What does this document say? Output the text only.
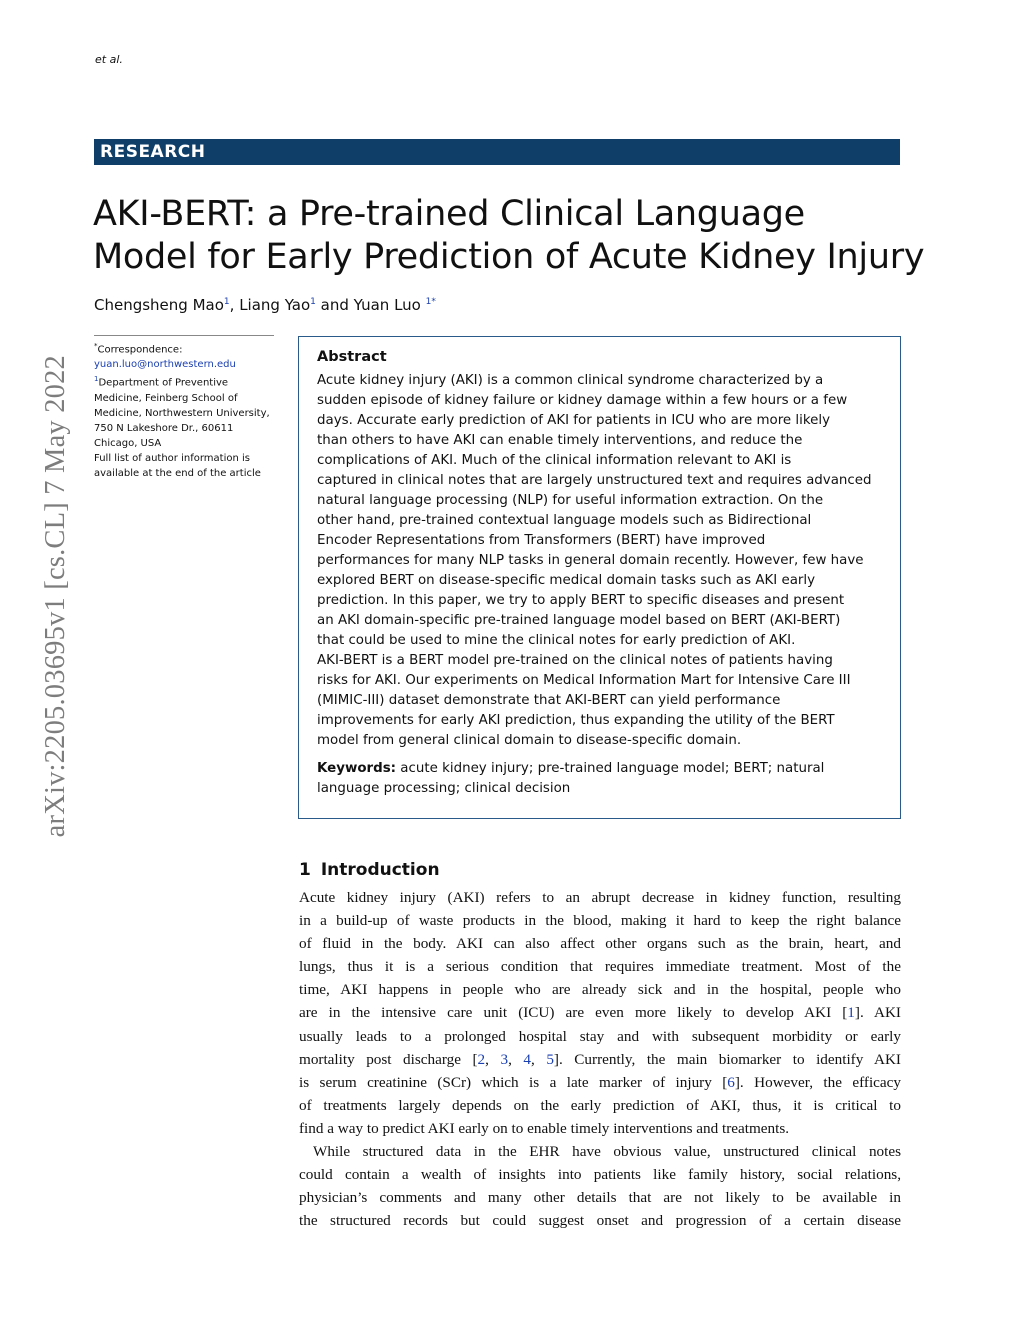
et al.
arXiv:2205.03695v1 [cs.CL] 7 May 2022
RESEARCH
AKI-BERT: a Pre-trained Clinical Language
Model for Early Prediction of Acute Kidney Injury
Chengsheng Mao$^1$, Liang Yao$^1$ and Yuan Luo $^{1*}$
*Correspondence:
yuan.luo@northwestern.edu
$^1$Department of Preventive
Medicine, Feinberg School of
Medicine, Northwestern University,
750 N Lakeshore Dr., 60611
Chicago, USA
Full list of author information is
available at the end of the article
Abstract
Acute kidney injury (AKI) is a common clinical syndrome characterized by a
sudden episode of kidney failure or kidney damage within a few hours or a few
days. Accurate early prediction of AKI for patients in ICU who are more likely
than others to have AKI can enable timely interventions, and reduce the
complications of AKI. Much of the clinical information relevant to AKI is
captured in clinical notes that are largely unstructured text and requires advanced
natural language processing (NLP) for useful information extraction. On the
other hand, pre-trained contextual language models such as Bidirectional
Encoder Representations from Transformers (BERT) have improved
performances for many NLP tasks in general domain recently. However, few have
explored BERT on disease-specific medical domain tasks such as AKI early
prediction. In this paper, we try to apply BERT to specific diseases and present
an AKI domain-specific pre-trained language model based on BERT (AKI-BERT)
that could be used to mine the clinical notes for early prediction of AKI.
AKI-BERT is a BERT model pre-trained on the clinical notes of patients having
risks for AKI. Our experiments on Medical Information Mart for Intensive Care III
(MIMIC-III) dataset demonstrate that AKI-BERT can yield performance
improvements for early AKI prediction, thus expanding the utility of the BERT
model from general clinical domain to disease-specific domain.
Keywords: acute kidney injury; pre-trained language model; BERT; natural
language processing; clinical decision
1 Introduction
Acute kidney injury (AKI) refers to an abrupt decrease in kidney function, resulting
in a build-up of waste products in the blood, making it hard to keep the right balance
of fluid in the body. AKI can also affect other organs such as the brain, heart, and
lungs, thus it is a serious condition that requires immediate treatment. Most of the
time, AKI happens in people who are already sick and in the hospital, people who
are in the intensive care unit (ICU) are even more likely to develop AKI [1]. AKI
usually leads to a prolonged hospital stay and with subsequent morbidity or early
mortality post discharge [2, 3, 4, 5]. Currently, the main biomarker to identify AKI
is serum creatinine (SCr) which is a late marker of injury [6]. However, the efficacy
of treatments largely depends on the early prediction of AKI, thus, it is critical to
find a way to predict AKI early on to enable timely interventions and treatments.
While structured data in the EHR have obvious value, unstructured clinical notes
could contain a wealth of insights into patients like family history, social relations,
physician’s comments and many other details that are not likely to be available in
the structured records but could suggest onset and progression of a certain disease
